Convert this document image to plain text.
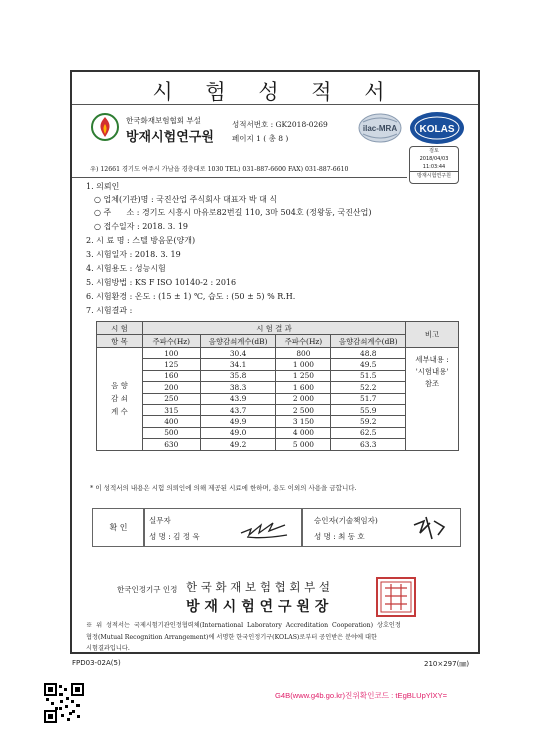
시 험 성 적 서
한국화재보험협회 부설
방재시험연구원
성적서번호 : GK2018-0269
페이지 1 ( 총 8 )
ilac-MRA KOLAS
검토
2018/04/03
11:03:44
방재시험연구원
우) 12661 경기도 여주시 가남읍 경충대로 1030 TEL) 031-887-6600 FAX) 031-887-6610
1. 의뢰인
○ 업체(기관)명 : 국진산업 주식회사 대표자 박 대 식
○ 주      소 : 경기도 시흥시 마유로82번길 110, 3마 504호 (정왕동, 국진산업)
○ 접수일자 : 2018. 3. 19
2. 시 료 명 : 스텔 방음문(양개)
3. 시험일자 : 2018. 3. 19
4. 시험용도 : 성능시험
5. 시험방법 : KS F ISO 10140-2 : 2016
6. 시험환경 : 온도 : (15 ± 1) ℃, 습도 : (50 ± 5) % R.H.
7. 시험결과 :
시 험	시 험 결 과				비고
항 목	주파수(Hz)	음향감쇠계수(dB)	주파수(Hz)	음향감쇠계수(dB)	
음 향
감 쇠
계 수	100	30.4	800	48.8	세부내용 :
'시험내용'
참조
	125	34.1	1 000	49.5	
	160	35.8	1 250	51.5	
	200	38.3	1 600	52.2	
	250	43.9	2 000	51.7	
	315	43.7	2 500	55.9	
	400	49.9	3 150	59.2	
	500	49.0	4 000	62.5	
	630	49.2	5 000	63.3	
* 이 성적서의 내용은 시험 의뢰인에 의해 제공된 시료에 한하며, 용도 이외의 사용을 금합니다.
확 인
실무자
성 명 : 김 정 욱
승인자(기술책임자)
성 명 : 최 동 호
한국인정기구 인정 한 국 화 재 보 험 협 회 부 설
방 재 시 험 연 구 원 장
※  위  성적서는  국제시험기관인정협력체(International  Laboratory  Accreditation  Cooperation)  상호인정
협정(Mutual Recognition Arrangement)에 서명한 한국인정기구(KOLAS)로부터 공인받은 분야에 대한
시험결과입니다.
FPD03-02A(5)	210×297(㎜)
G4B(www.g4b.go.kr)진위확인코드 : tEgBLUpYlXY=
